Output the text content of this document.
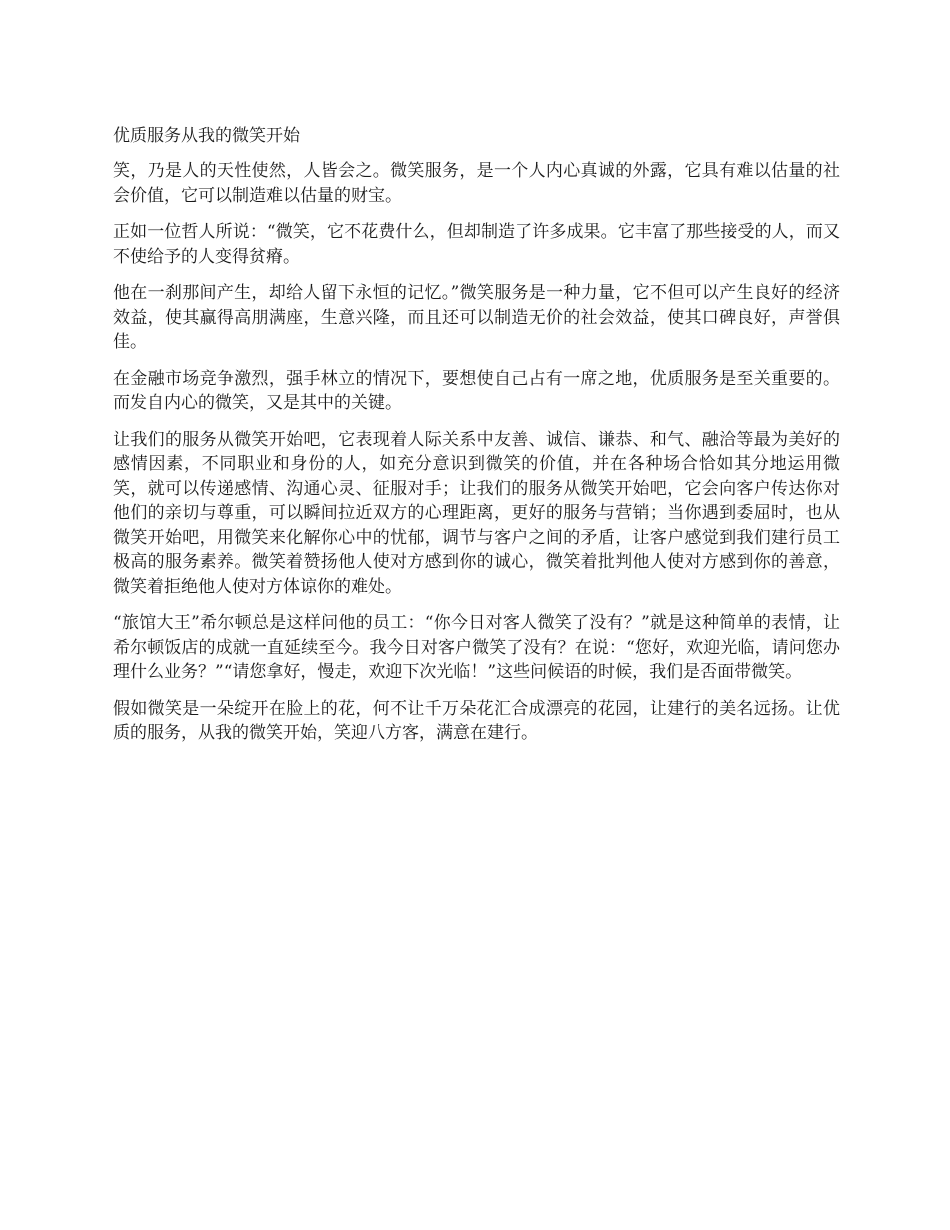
优质服务从我的微笑开始

笑，乃是人的天性使然，人皆会之。微笑服务，是一个人内心真诚的外露，它具有难以估量的社会价值，它可以制造难以估量的财宝。

正如一位哲人所说：“微笑，它不花费什么，但却制造了许多成果。它丰富了那些接受的人，而又不使给予的人变得贫瘠。

他在一刹那间产生，却给人留下永恒的记忆。”微笑服务是一种力量，它不但可以产生良好的经济效益，使其赢得高朋满座，生意兴隆，而且还可以制造无价的社会效益，使其口碑良好，声誉俱佳。

在金融市场竞争激烈，强手林立的情况下，要想使自己占有一席之地，优质服务是至关重要的。而发自内心的微笑，又是其中的关键。

让我们的服务从微笑开始吧，它表现着人际关系中友善、诚信、谦恭、和气、融洽等最为美好的感情因素，不同职业和身份的人，如充分意识到微笑的价值，并在各种场合恰如其分地运用微笑，就可以传递感情、沟通心灵、征服对手；让我们的服务从微笑开始吧，它会向客户传达你对他们的亲切与尊重，可以瞬间拉近双方的心理距离，更好的服务与营销；当你遇到委屈时，也从微笑开始吧，用微笑来化解你心中的忧郁，调节与客户之间的矛盾，让客户感觉到我们建行员工极高的服务素养。微笑着赞扬他人使对方感到你的诚心，微笑着批判他人使对方感到你的善意，微笑着拒绝他人使对方体谅你的难处。

“旅馆大王”希尔顿总是这样问他的员工：“你今日对客人微笑了没有？”就是这种简单的表情，让希尔顿饭店的成就一直延续至今。我今日对客户微笑了没有？在说：“您好，欢迎光临，请问您办理什么业务？”“请您拿好，慢走，欢迎下次光临！”这些问候语的时候，我们是否面带微笑。

假如微笑是一朵绽开在脸上的花，何不让千万朵花汇合成漂亮的花园，让建行的美名远扬。让优质的服务，从我的微笑开始，笑迎八方客，满意在建行。
